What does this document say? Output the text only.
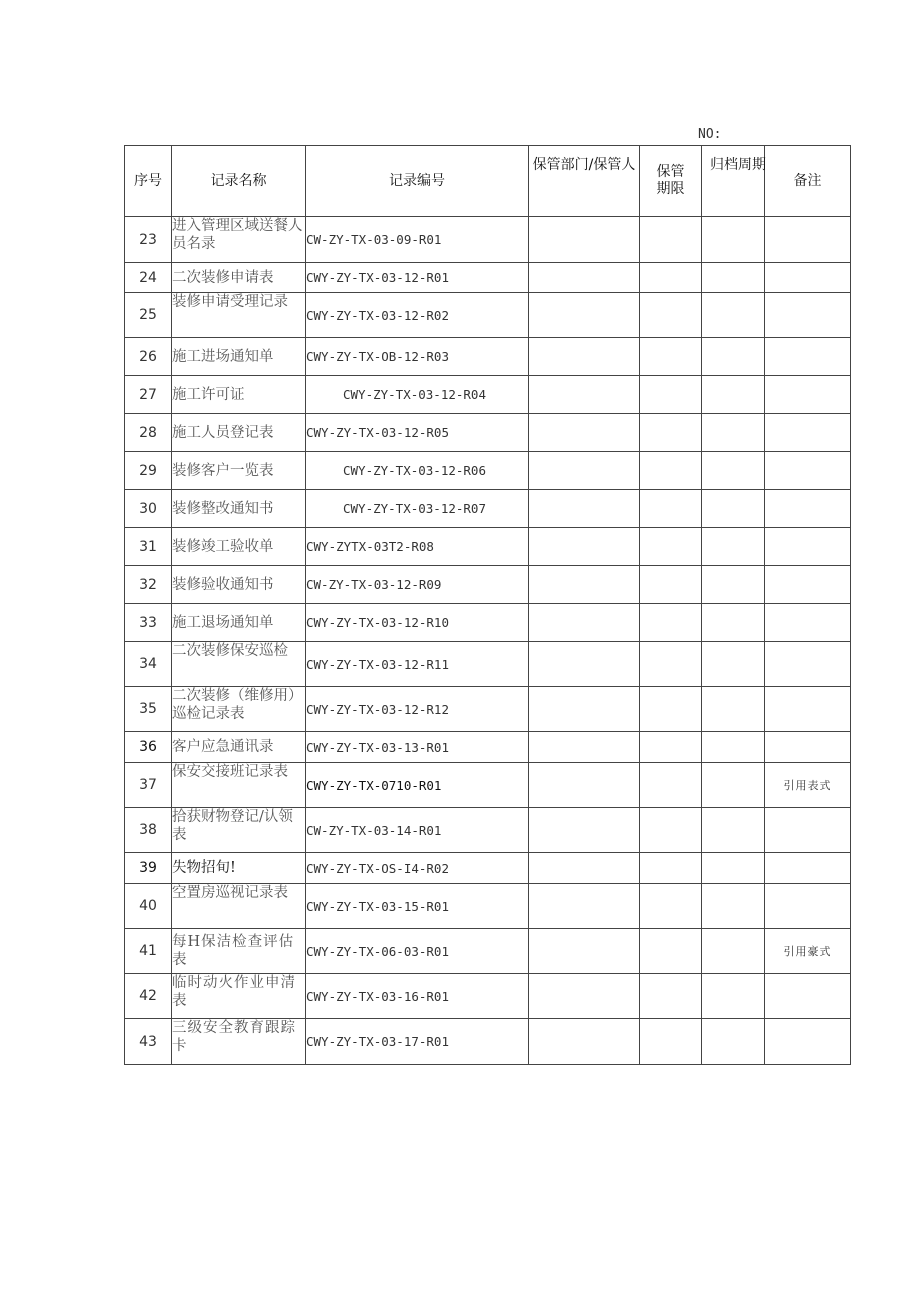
NO:
序号	记录名称	记录编号	保管部门/保管人	保管期限	归档周期	备注
23	进入管理区域送餐人员名录	CW-ZY-TX-03-09-R01				
24	二次装修申请表	CWY-ZY-TX-03-12-R01				
25	装修申请受理记录	CWY-ZY-TX-03-12-R02				
26	施工进场通知单	CWY-ZY-TX-OB-12-R03				
27	施工许可证	CWY-ZY-TX-03-12-R04				
28	施工人员登记表	CWY-ZY-TX-03-12-R05				
29	装修客户一览表	CWY-ZY-TX-03-12-R06				
30	装修整改通知书	CWY-ZY-TX-03-12-R07				
31	装修竣工验收单	CWY-ZYTX-03T2-R08				
32	装修验收通知书	CW-ZY-TX-03-12-R09				
33	施工退场通知单	CWY-ZY-TX-03-12-R10				
34	二次装修保安巡检	CWY-ZY-TX-03-12-R11				
35	二次装修（维修用）巡检记录表	CWY-ZY-TX-03-12-R12				
36	客户应急通讯录	CWY-ZY-TX-03-13-R01				
37	保安交接班记录表	CWY-ZY-TX-0710-R01				引用表式
38	拾获财物登记/认领表	CW-ZY-TX-03-14-R01				
39	失物招旬!	CWY-ZY-TX-OS-I4-R02				
40	空置房巡视记录表	CWY-ZY-TX-03-15-R01				
41	每H保洁检查评估表	CWY-ZY-TX-06-03-R01				引用豪式
42	临时动火作业申清表	CWY-ZY-TX-03-16-R01				
43	三级安全教育跟踪卡	CWY-ZY-TX-03-17-R01				
